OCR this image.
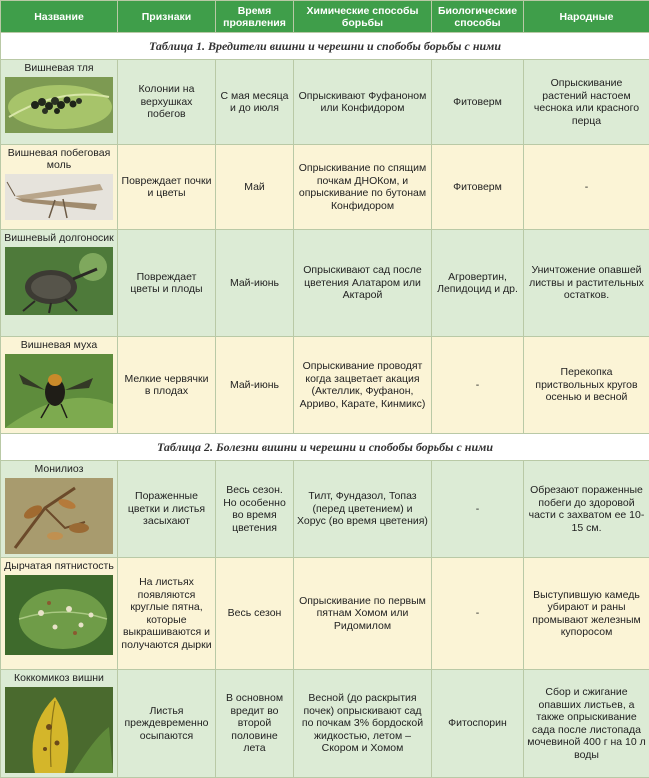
Название	Признаки	Время проявления	Химические способы борьбы	Биологические способы	Народные
Таблица 1. Вредители вишни и черешни и спобобы борьбы с ними					

Вишневая тля	Колонии на верхушках побегов	С мая месяца и до июля	Опрыскивают Фуфаноном или Конфидором	Фитоверм	Опрыскивание растений настоем чеснока или красного перца

Вишневая побеговая моль	Повреждает почки и цветы	Май	Опрыскивание по спящим почкам ДНОКом, и опрыскивание по бутонам Конфидором	Фитоверм	-

Вишневый долгоносик	Повреждает цветы и плоды	Май-июнь	Опрыскивают сад после цветения Алатаром или Актарой	Агровертин, Лепидоцид и др.	Уничтожение опавшей листвы и растительных остатков.

Вишневая муха	Мелкие червячки в плодах	Май-июнь	Опрыскивание проводят когда зацветает акация (Актеллик, Фуфанон, Арриво, Карате, Кинмикс)	-	Перекопка приствольных кругов осенью и весной
Таблица 2. Болезни вишни и черешни и спобобы борьбы с ними					

Монилиоз	Пораженные цветки и листья засыхают	Весь сезон. Но особенно во время цветения	Тилт, Фундазол, Топаз (перед цветением) и Хорус (во время цветения)	-	Обрезают пораженные побеги до здоровой части с захватом ее 10-15 см.

Дырчатая пятнистость	На листьях появляются круглые пятна, которые выкрашиваются и получаются дырки	Весь сезон	Опрыскивание по первым пятнам Хомом или Ридомилом	-	Выступившую камедь убирают и раны промывают железным купоросом

Коккомикоз вишни	Листья преждевременно осыпаются	В основном вредит во второй половине лета	Весной (до раскрытия почек) опрыскивают сад по почкам 3% бордоской жидкостью, летом – Скором и Хомом	Фитоспорин	Сбор и сжигание опавших листьев, а также опрыскивание сада после листопада мочевиной 400 г на 10 л воды
